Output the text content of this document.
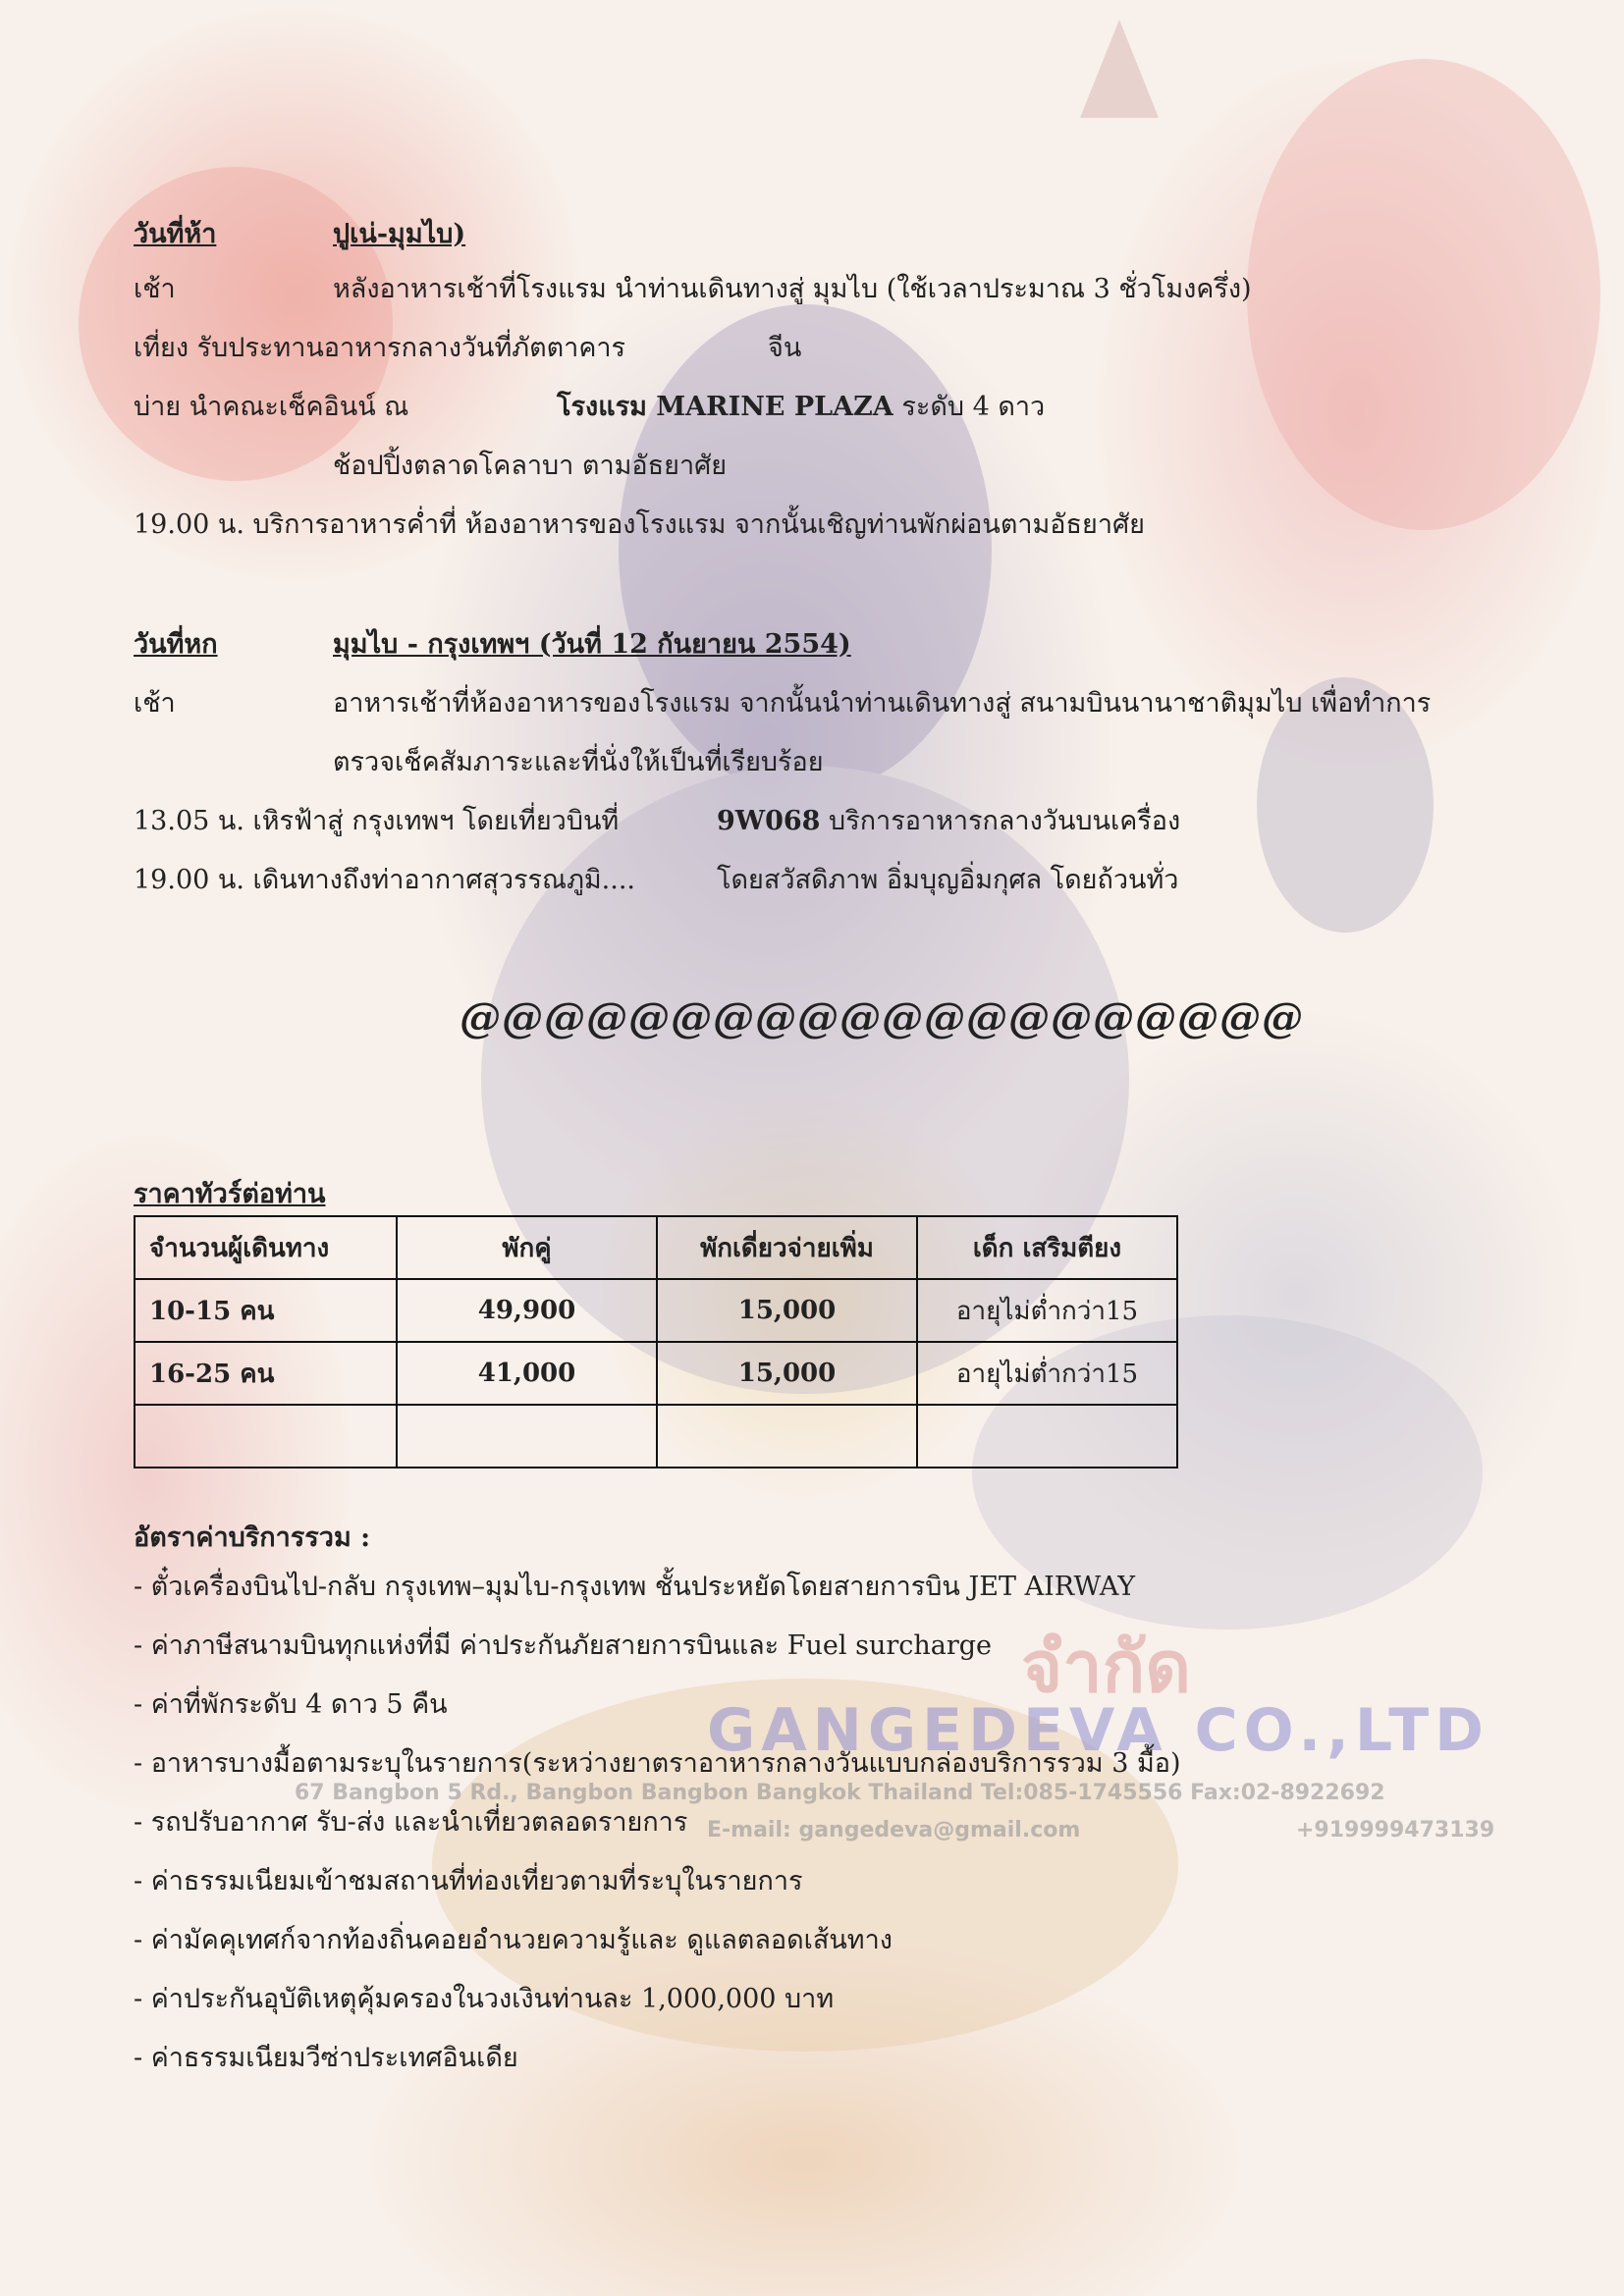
วันที่ห้า	ปูเน่-มุมไบ)
เช้า	หลังอาหารเช้าที่โรงแรม นำท่านเดินทางสู่ มุมไบ (ใช้เวลาประมาณ 3 ชั่วโมงครึ่ง)
เที่ยง รับประทานอาหารกลางวันที่ภัตตาคาร	จีน
บ่าย นำคณะเช็คอินน์ ณ	โรงแรม MARINE PLAZA ระดับ 4 ดาว
ช้อปปิ้งตลาดโคลาบา ตามอัธยาศัย
19.00 น. บริการอาหารค่ำที่ ห้องอาหารของโรงแรม จากนั้นเชิญท่านพักผ่อนตามอัธยาศัย
วันที่หก	มุมไบ - กรุงเทพฯ (วันที่ 12 กันยายน 2554)
เช้า	อาหารเช้าที่ห้องอาหารของโรงแรม จากนั้นนำท่านเดินทางสู่ สนามบินนานาชาติมุมไบ เพื่อทำการ
ตรวจเช็คสัมภาระและที่นั่งให้เป็นที่เรียบร้อย
13.05 น. เหิรฟ้าสู่ กรุงเทพฯ โดยเที่ยวบินที่	9W068 บริการอาหารกลางวันบนเครื่อง
19.00 น. เดินทางถึงท่าอากาศสุวรรณภูมิ....	โดยสวัสดิภาพ อิ่มบุญอิ่มกุศล โดยถ้วนทั่ว
@@@@@@@@@@@@@@@@@@@@
ราคาทัวร์ต่อท่าน
จำนวนผู้เดินทาง	พักคู่	พักเดี่ยวจ่ายเพิ่ม	เด็ก เสริมตียง
10-15 คน	49,900	15,000	อายุไม่ต่ำกว่า15
16-25 คน	41,000	15,000	อายุไม่ต่ำกว่า15

จำกัด
GANGEDEVA CO.,LTD
67 Bangbon 5 Rd., Bangbon Bangbon Bangkok Thailand Tel:085-1745556 Fax:02-8922692
E-mail: gangedeva@gmail.com	+919999473139
อัตราค่าบริการรวม :
- ตั๋วเครื่องบินไป-กลับ กรุงเทพ–มุมไบ-กรุงเทพ ชั้นประหยัดโดยสายการบิน JET AIRWAY
- ค่าภาษีสนามบินทุกแห่งที่มี ค่าประกันภัยสายการบินและ Fuel surcharge
- ค่าที่พักระดับ 4 ดาว 5 คืน
- อาหารบางมื้อตามระบุในรายการ(ระหว่างยาตราอาหารกลางวันแบบกล่องบริการรวม 3 มื้อ)
- รถปรับอากาศ รับ-ส่ง และนำเที่ยวตลอดรายการ
- ค่าธรรมเนียมเข้าชมสถานที่ท่องเที่ยวตามที่ระบุในรายการ
- ค่ามัคคุเทศก์จากท้องถิ่นคอยอำนวยความรู้และ ดูแลตลอดเส้นทาง
- ค่าประกันอุบัติเหตุคุ้มครองในวงเงินท่านละ 1,000,000 บาท
- ค่าธรรมเนียมวีซ่าประเทศอินเดีย
